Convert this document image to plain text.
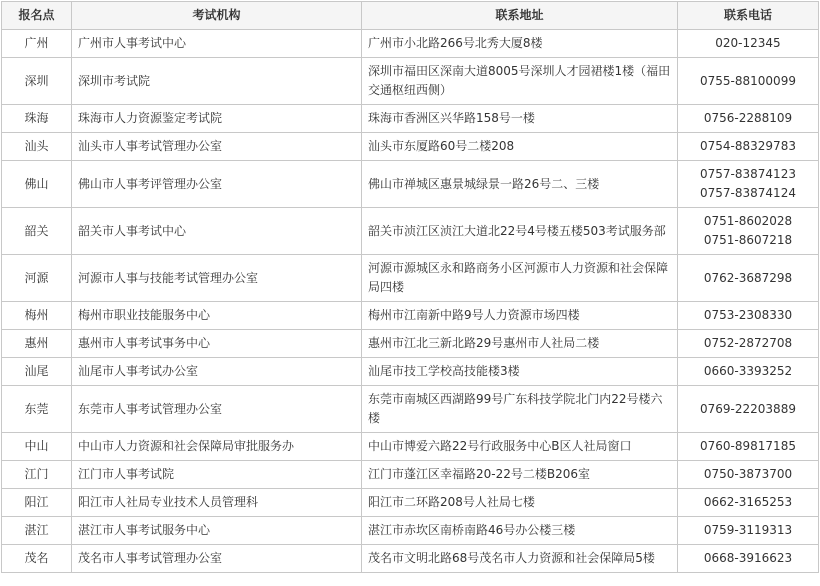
报名点	考试机构	联系地址	联系电话
广州	广州市人事考试中心	广州市小北路266号北秀大厦8楼	020-12345

深圳	深圳市考试院	深圳市福田区深南大道8005号深圳人才园裙楼1楼（福田交通枢纽西侧）	0755-88100099

珠海	珠海市人力资源鉴定考试院	珠海市香洲区兴华路158号一楼	0756-2288109

汕头	汕头市人事考试管理办公室	汕头市东厦路60号二楼208	0754-88329783

佛山	佛山市人事考评管理办公室	佛山市禅城区惠景城绿景一路26号二、三楼	0757-83874123
0757-83874124

韶关	韶关市人事考试中心	韶关市浈江区浈江大道北22号4号楼五楼503考试服务部	0751-8602028
0751-8607218

河源	河源市人事与技能考试管理办公室	河源市源城区永和路商务小区河源市人力资源和社会保障局四楼	0762-3687298

梅州	梅州市职业技能服务中心	梅州市江南新中路9号人力资源市场四楼	0753-2308330

惠州	惠州市人事考试事务中心	惠州市江北三新北路29号惠州市人社局二楼	0752-2872708

汕尾	汕尾市人事考试办公室	汕尾市技工学校高技能楼3楼	0660-3393252

东莞	东莞市人事考试管理办公室	东莞市南城区西湖路99号广东科技学院北门内22号楼六楼	0769-22203889

中山	中山市人力资源和社会保障局审批服务办	中山市博爱六路22号行政服务中心B区人社局窗口	0760-89817185

江门	江门市人事考试院	江门市蓬江区幸福路20-22号二楼B206室	0750-3873700

阳江	阳江市人社局专业技术人员管理科	阳江市二环路208号人社局七楼	0662-3165253

湛江	湛江市人事考试服务中心	湛江市赤坎区南桥南路46号办公楼三楼	0759-3119313

茂名	茂名市人事考试管理办公室	茂名市文明北路68号茂名市人力资源和社会保障局5楼	0668-3916623
